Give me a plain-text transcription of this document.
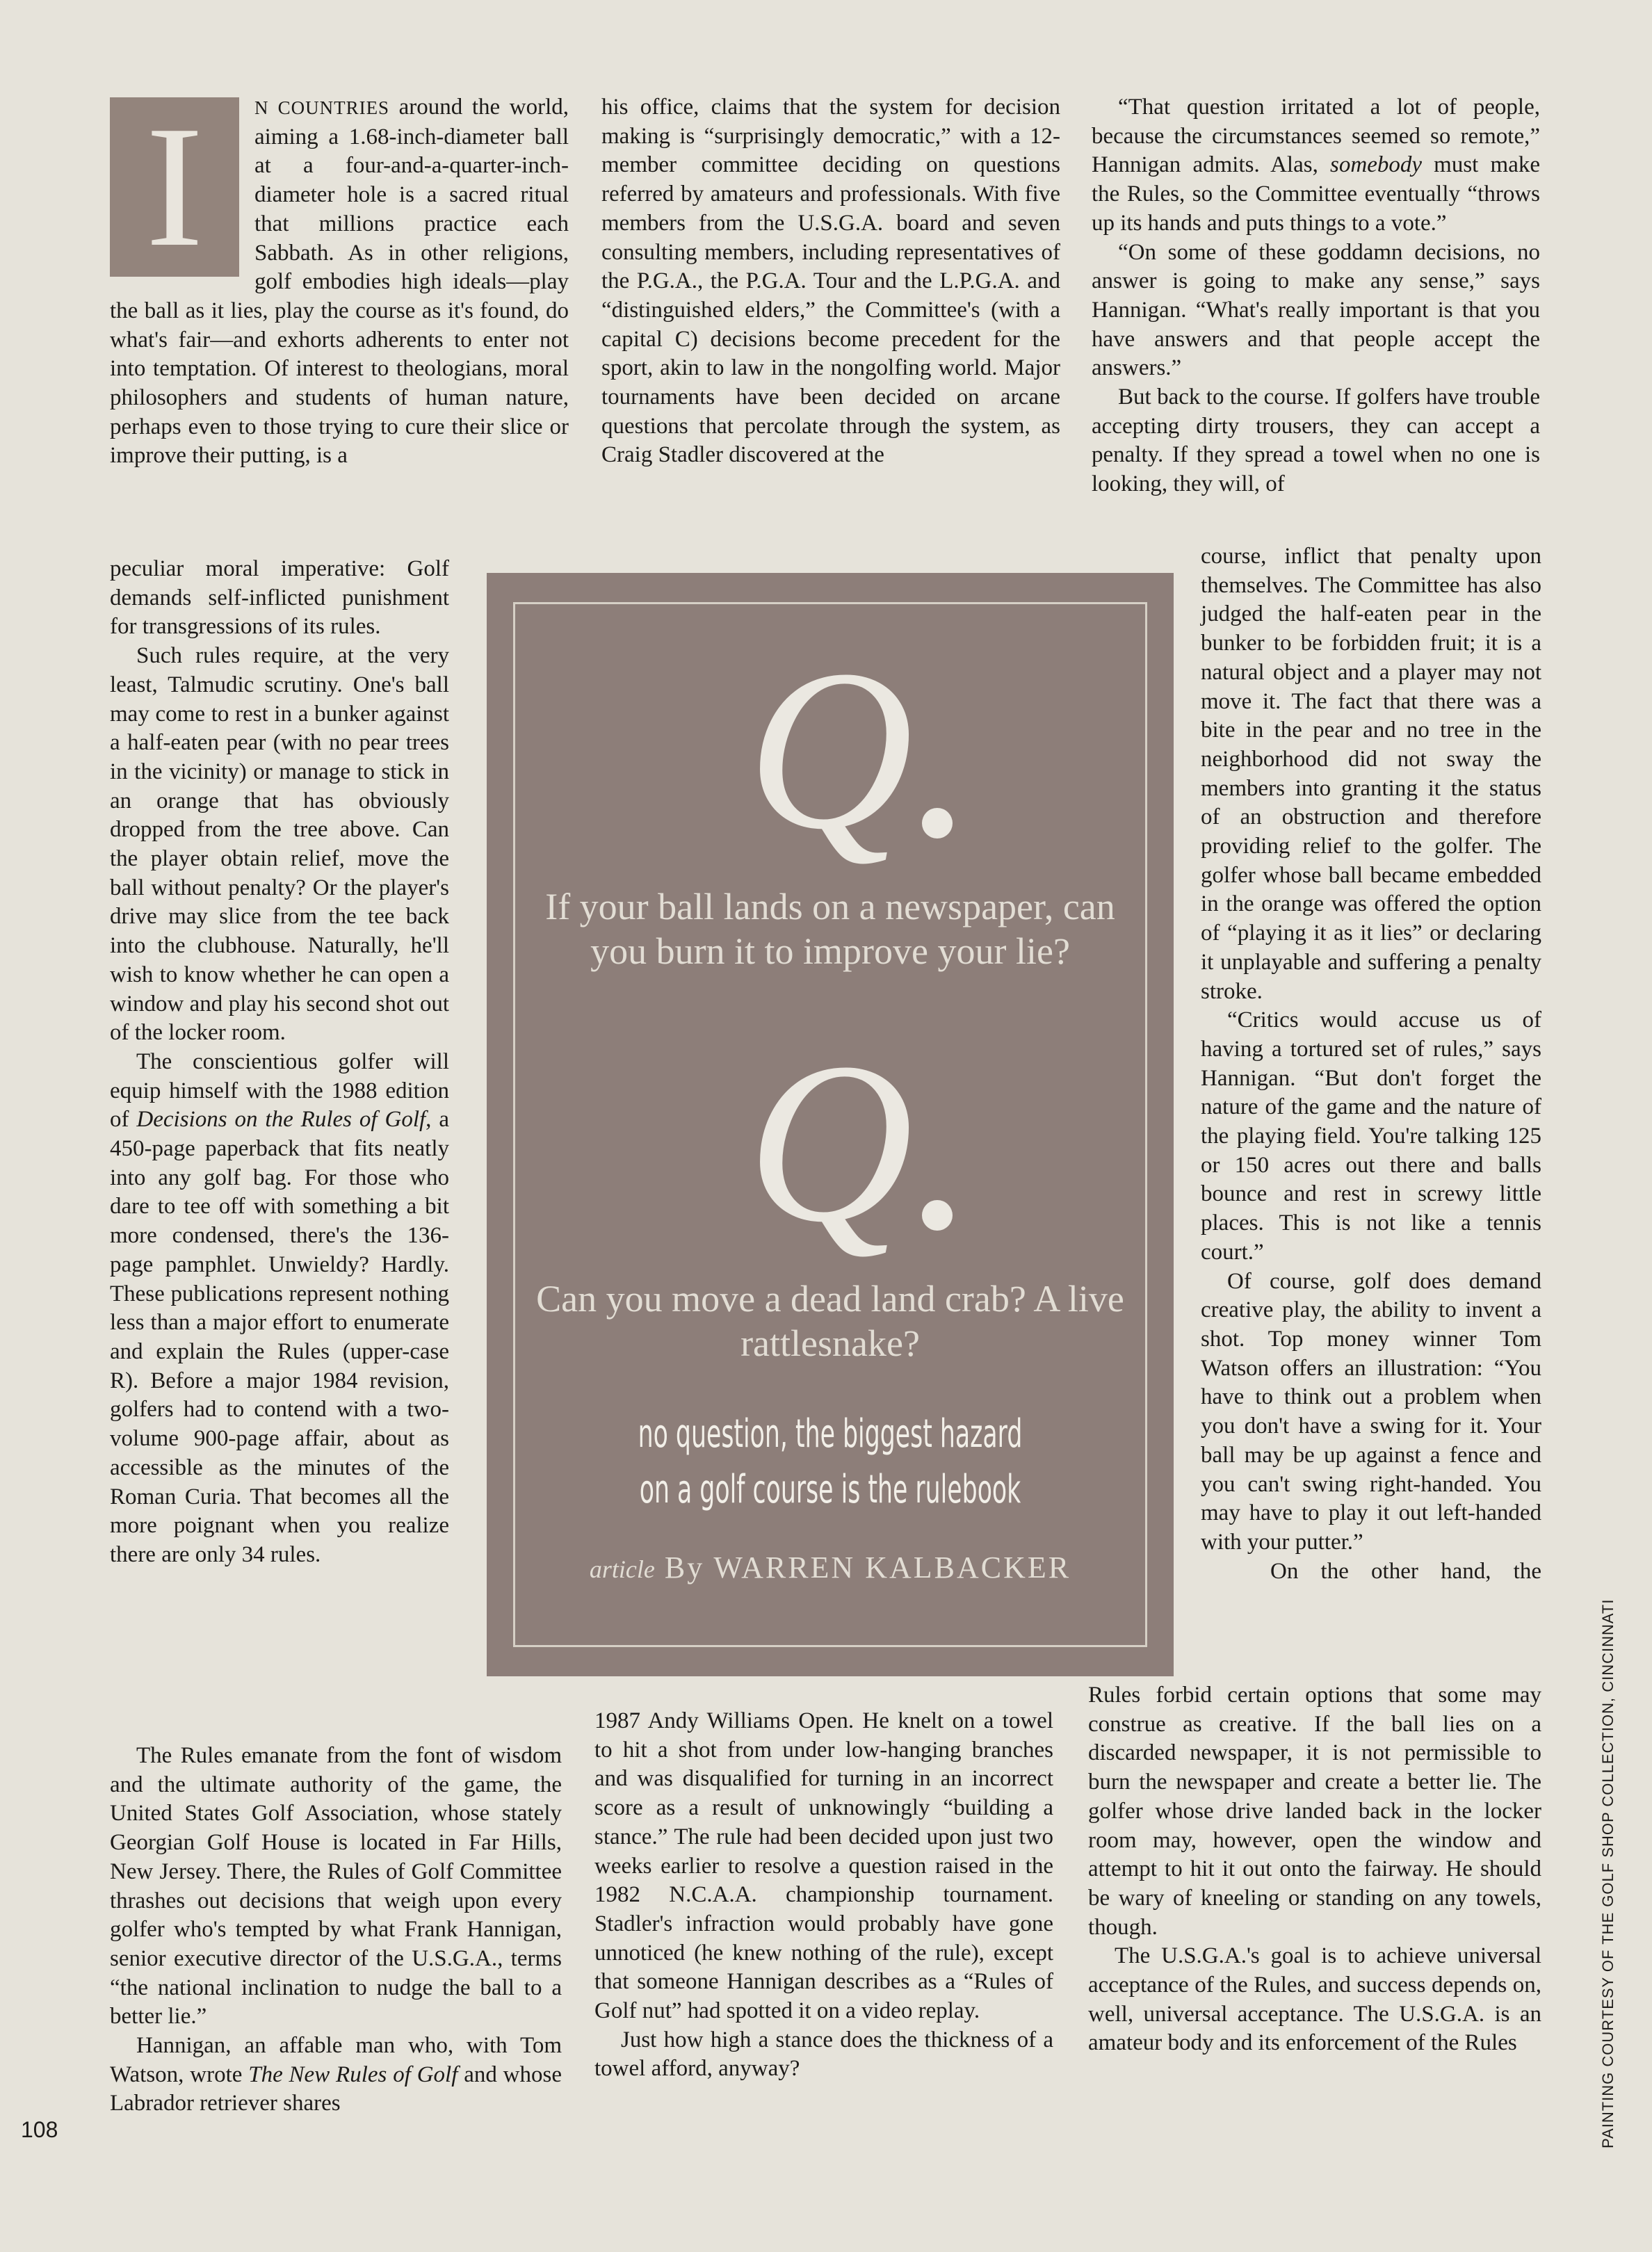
I	N COUNTRIES around the world, aiming a 1.68-inch-diameter ball at a four-and-a-quarter-inch-diameter hole is a sacred ritual that millions practice each Sabbath. As in other religions, golf embodies high ideals—play the ball as it lies, play the course as it's found, do what's fair—and exhorts adherents to enter not into temptation. Of interest to theologians, moral philosophers and students of human nature, perhaps even to those trying to cure their slice or improve their putting, is a

peculiar moral imperative: Golf demands self-inflicted punishment for transgressions of its rules.

Such rules require, at the very least, Talmudic scrutiny. One's ball may come to rest in a bunker against a half-eaten pear (with no pear trees in the vicinity) or manage to stick in an orange that has obviously dropped from the tree above. Can the player obtain relief, move the ball without penalty? Or the player's drive may slice from the tee back into the clubhouse. Naturally, he'll wish to know whether he can open a window and play his second shot out of the locker room.

The conscientious golfer will equip himself with the 1988 edition of Decisions on the Rules of Golf, a 450-page paperback that fits neatly into any golf bag. For those who dare to tee off with something a bit more condensed, there's the 136-page pamphlet. Unwieldy? Hardly. These publications represent nothing less than a major effort to enumerate and explain the Rules (upper-case R). Before a major 1984 revision, golfers had to contend with a two-volume 900-page affair, about as accessible as the minutes of the Roman Curia. That becomes all the more poignant when you realize there are only 34 rules.

The Rules emanate from the font of wisdom and the ultimate authority of the game, the United States Golf Association, whose stately Georgian Golf House is located in Far Hills, New Jersey. There, the Rules of Golf Committee thrashes out decisions that weigh upon every golfer who's tempted by what Frank Hannigan, senior executive director of the U.S.G.A., terms “the national inclination to nudge the ball to a better lie.”

Hannigan, an affable man who, with Tom Watson, wrote The New Rules of Golf and whose Labrador retriever shares

his office, claims that the system for decision making is “surprisingly democratic,” with a 12-member committee deciding on questions referred by amateurs and professionals. With five members from the U.S.G.A. board and seven consulting members, including representatives of the P.G.A., the P.G.A. Tour and the L.P.G.A. and “distinguished elders,” the Committee's (with a capital C) decisions become precedent for the sport, akin to law in the nongolfing world. Major tournaments have been decided on arcane questions that percolate through the system, as Craig Stadler discovered at the

1987 Andy Williams Open. He knelt on a towel to hit a shot from under low-hanging branches and was disqualified for turning in an incorrect score as a result of unknowingly “building a stance.” The rule had been decided upon just two weeks earlier to resolve a question raised in the 1982 N.C.A.A. championship tournament. Stadler's infraction would probably have gone unnoticed (he knew nothing of the rule), except that someone Hannigan describes as a “Rules of Golf nut” had spotted it on a video replay.

Just how high a stance does the thickness of a towel afford, anyway?

“That question irritated a lot of people, because the circumstances seemed so remote,” Hannigan admits. Alas, somebody must make the Rules, so the Committee eventually “throws up its hands and puts things to a vote.”

“On some of these goddamn decisions, no answer is going to make any sense,” says Hannigan. “What's really important is that you have answers and that people accept the answers.”

But back to the course. If golfers have trouble accepting dirty trousers, they can accept a penalty. If they spread a towel when no one is looking, they will, of

course, inflict that penalty upon themselves. The Committee has also judged the half-eaten pear in the bunker to be forbidden fruit; it is a natural object and a player may not move it. The fact that there was a bite in the pear and no tree in the neighborhood did not sway the members into granting it the status of an obstruction and therefore providing relief to the golfer. The golfer whose ball became embedded in the orange was offered the option of “playing it as it lies” or declaring it unplayable and suffering a penalty stroke.

“Critics would accuse us of having a tortured set of rules,” says Hannigan. “But don't forget the nature of the game and the nature of the playing field. You're talking 125 or 150 acres out there and balls bounce and rest in screwy little places. This is not like a tennis court.”

Of course, golf does demand creative play, the ability to invent a shot. Top money winner Tom Watson offers an illustration: “You have to think out a problem when you don't have a swing for it. Your ball may be up against a fence and you can't swing right-handed. You may have to play it out left-handed with your putter.”

On the other hand, the

Rules forbid certain options that some may construe as creative. If the ball lies on a discarded newspaper, it is not permissible to burn the newspaper and create a better lie. The golfer whose drive landed back in the locker room may, however, open the window and attempt to hit it out onto the fairway. He should be wary of kneeling or standing on any towels, though.

The U.S.G.A.'s goal is to achieve universal acceptance of the Rules, and success depends on, well, universal acceptance. The U.S.G.A. is an amateur body and its enforcement of the Rules

Q
If your ball lands on a newspaper, can you burn it to improve your lie?
Q
Can you move a dead land crab? A live rattlesnake?
no question, the biggest hazard
on a golf course is the rulebook
article By WARREN KALBACKER
108	PAINTING COURTESY OF THE GOLF SHOP COLLECTION, CINCINNATI
